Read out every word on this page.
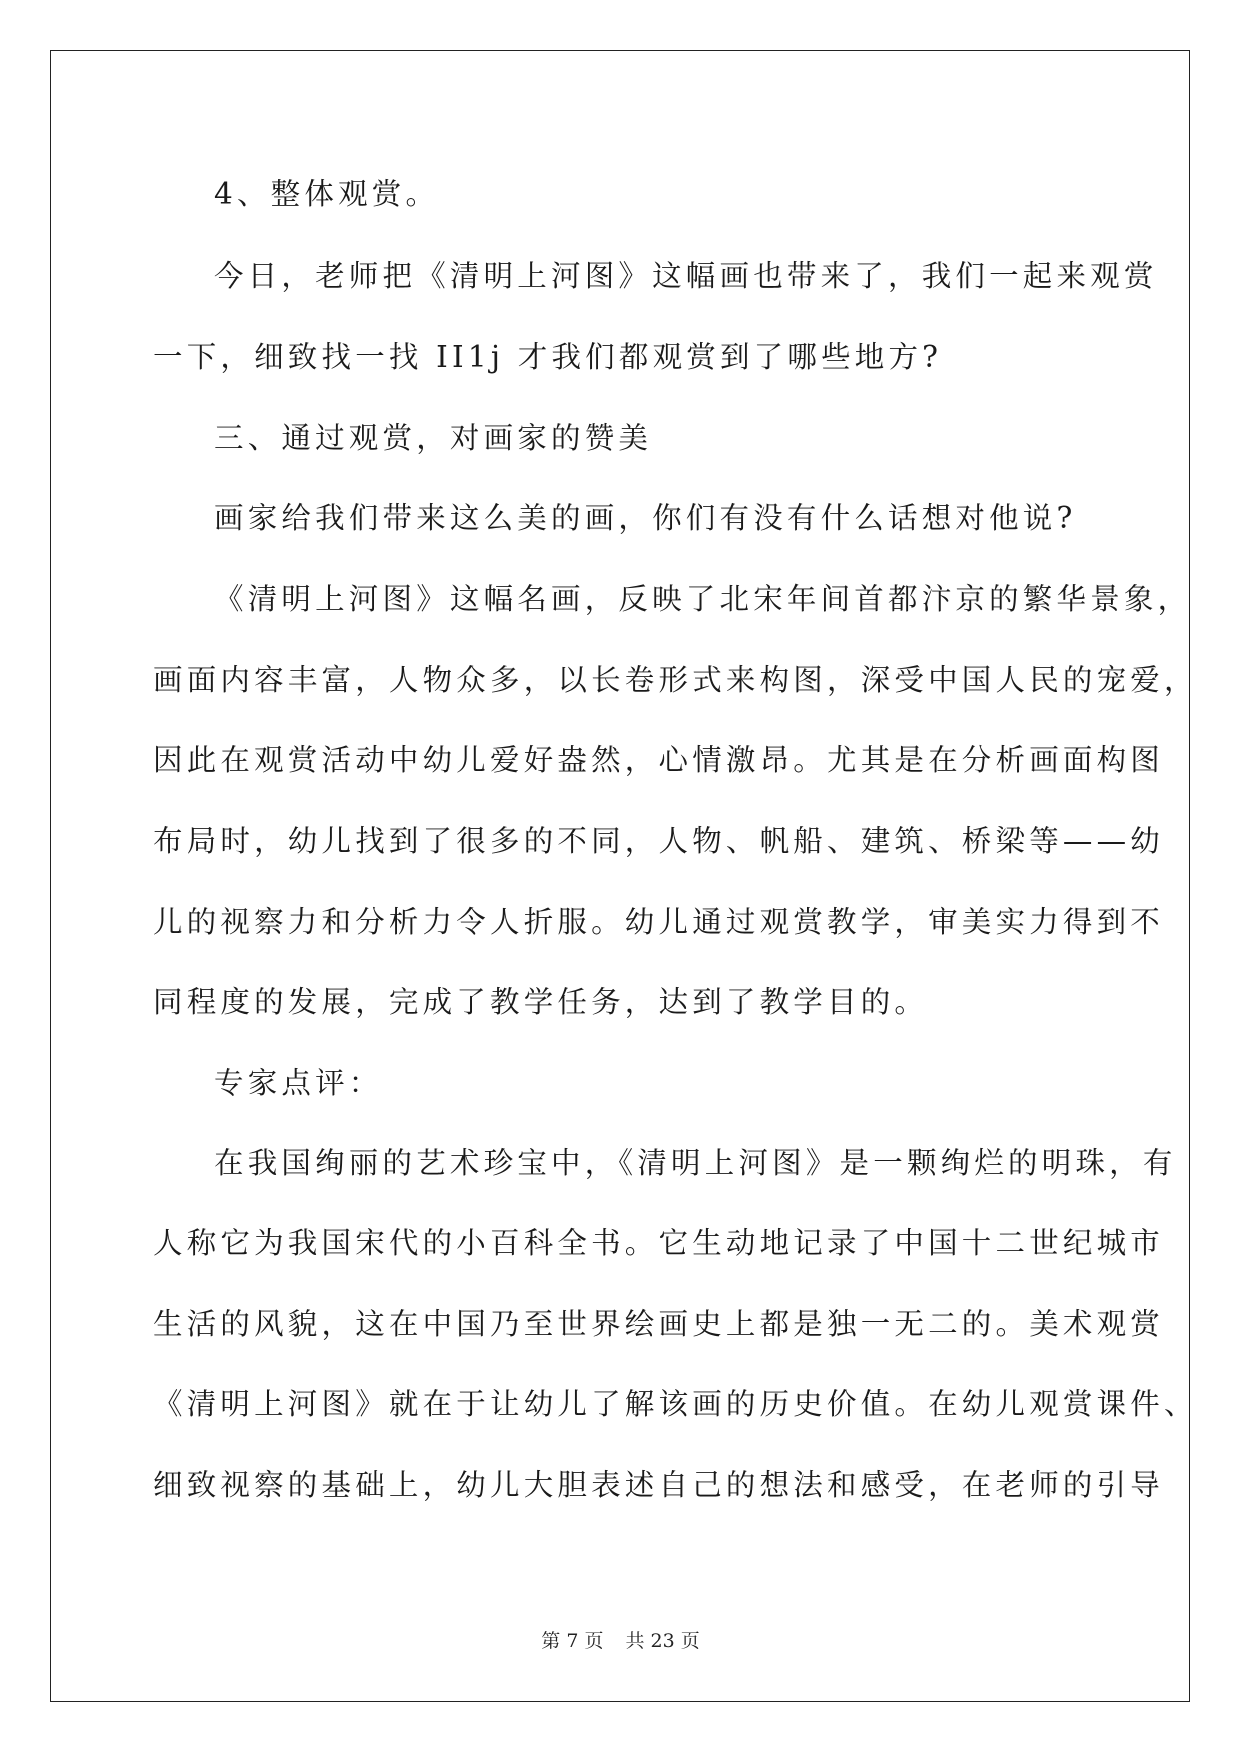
4、整体观赏。
今日，老师把《清明上河图》这幅画也带来了，我们一起来观赏
一下，细致找一找 II1j 才我们都观赏到了哪些地方?
三、通过观赏，对画家的赞美
画家给我们带来这么美的画，你们有没有什么话想对他说?
《清明上河图》这幅名画，反映了北宋年间首都汴京的繁华景象，
画面内容丰富，人物众多，以长卷形式来构图，深受中国人民的宠爱，
因此在观赏活动中幼儿爱好盎然，心情激昂。尤其是在分析画面构图
布局时，幼儿找到了很多的不同，人物、帆船、建筑、桥梁等——幼
儿的视察力和分析力令人折服。幼儿通过观赏教学，审美实力得到不
同程度的发展，完成了教学任务，达到了教学目的。
专家点评：
在我国绚丽的艺术珍宝中，《清明上河图》是一颗绚烂的明珠，有
人称它为我国宋代的小百科全书。它生动地记录了中国十二世纪城市
生活的风貌，这在中国乃至世界绘画史上都是独一无二的。美术观赏
《清明上河图》就在于让幼儿了解该画的历史价值。在幼儿观赏课件、
细致视察的基础上，幼儿大胆表述自己的想法和感受，在老师的引导
第 7 页 共 23 页
